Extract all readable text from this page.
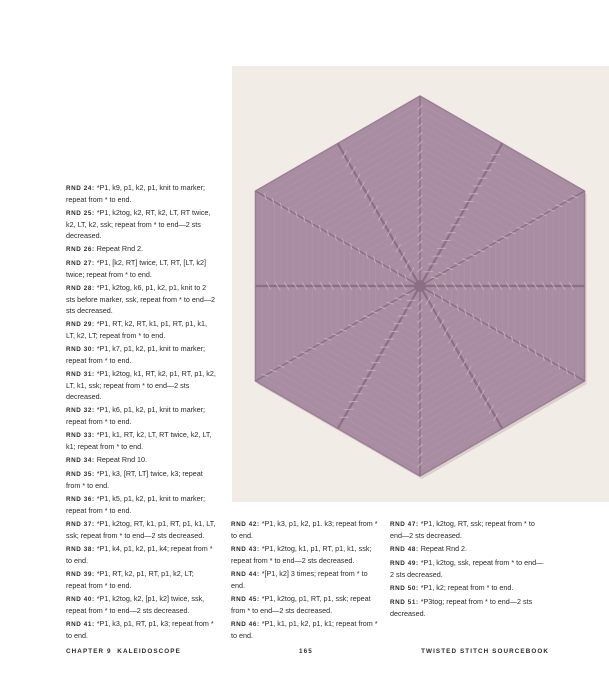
RND 24: *P1, k9, p1, k2, p1, knit to marker; repeat from * to end.

RND 25: *P1, k2tog, k2, RT, k2, LT, RT twice, k2, LT, k2, ssk; repeat from * to end—2 sts decreased.

RND 26: Repeat Rnd 2.

RND 27: *P1, [k2, RT] twice, LT, RT, [LT, k2] twice; repeat from * to end.

RND 28: *P1, k2tog, k6, p1, k2, p1, knit to 2 sts before marker, ssk, repeat from * to end—2 sts decreased.

RND 29: *P1, RT, k2, RT, k1, p1, RT, p1, k1, LT, k2, LT; repeat from * to end.

RND 30: *P1, k7, p1, k2, p1, knit to marker; repeat from * to end.

RND 31: *P1, k2tog, k1, RT, k2, p1, RT, p1, k2, LT, k1, ssk; repeat from * to end—2 sts decreased.

RND 32: *P1, k6, p1, k2, p1, knit to marker; repeat from * to end.

RND 33: *P1, k1, RT, k2, LT, RT twice, k2, LT, k1; repeat from * to end.

RND 34: Repeat Rnd 10.

RND 35: *P1, k3, [RT, LT] twice, k3; repeat from * to end.

RND 36: *P1, k5, p1, k2, p1, knit to marker; repeat from * to end.

RND 37: *P1, k2tog, RT, k1, p1, RT, p1, k1, LT, ssk; repeat from * to end—2 sts decreased.

RND 38: *P1, k4, p1, k2, p1, k4; repeat from * to end.

RND 39: *P1, RT, k2, p1, RT, p1, k2, LT; repeat from * to end.

RND 40: *P1, k2tog, k2, [p1, k2] twice, ssk, repeat from * to end—2 sts decreased.

RND 41: *P1, k3, p1, RT, p1, k3; repeat from * to end.

RND 42: *P1, k3, p1, k2, p1. k3; repeat from * to end.

RND 43: *P1, k2tog, k1, p1, RT, p1, k1, ssk; repeat from * to end—2 sts decreased.

RND 44: *[P1, k2] 3 times; repeat from * to end.

RND 45: *P1, k2tog, p1, RT, p1, ssk; repeat from * to end—2 sts decreased.

RND 46: *P1, k1, p1, k2, p1, k1; repeat from * to end.

RND 47: *P1, k2tog, RT, ssk; repeat from * to end—2 sts decreased.

RND 48: Repeat Rnd 2.

RND 49: *P1, k2tog, ssk, repeat from * to end—2 sts decreased.

RND 50: *P1, k2; repeat from * to end.

RND 51: *P3tog; repeat from * to end—2 sts decreased.

CHAPTER 9 KALEIDOSCOPE	165	TWISTED STITCH SOURCEBOOK
